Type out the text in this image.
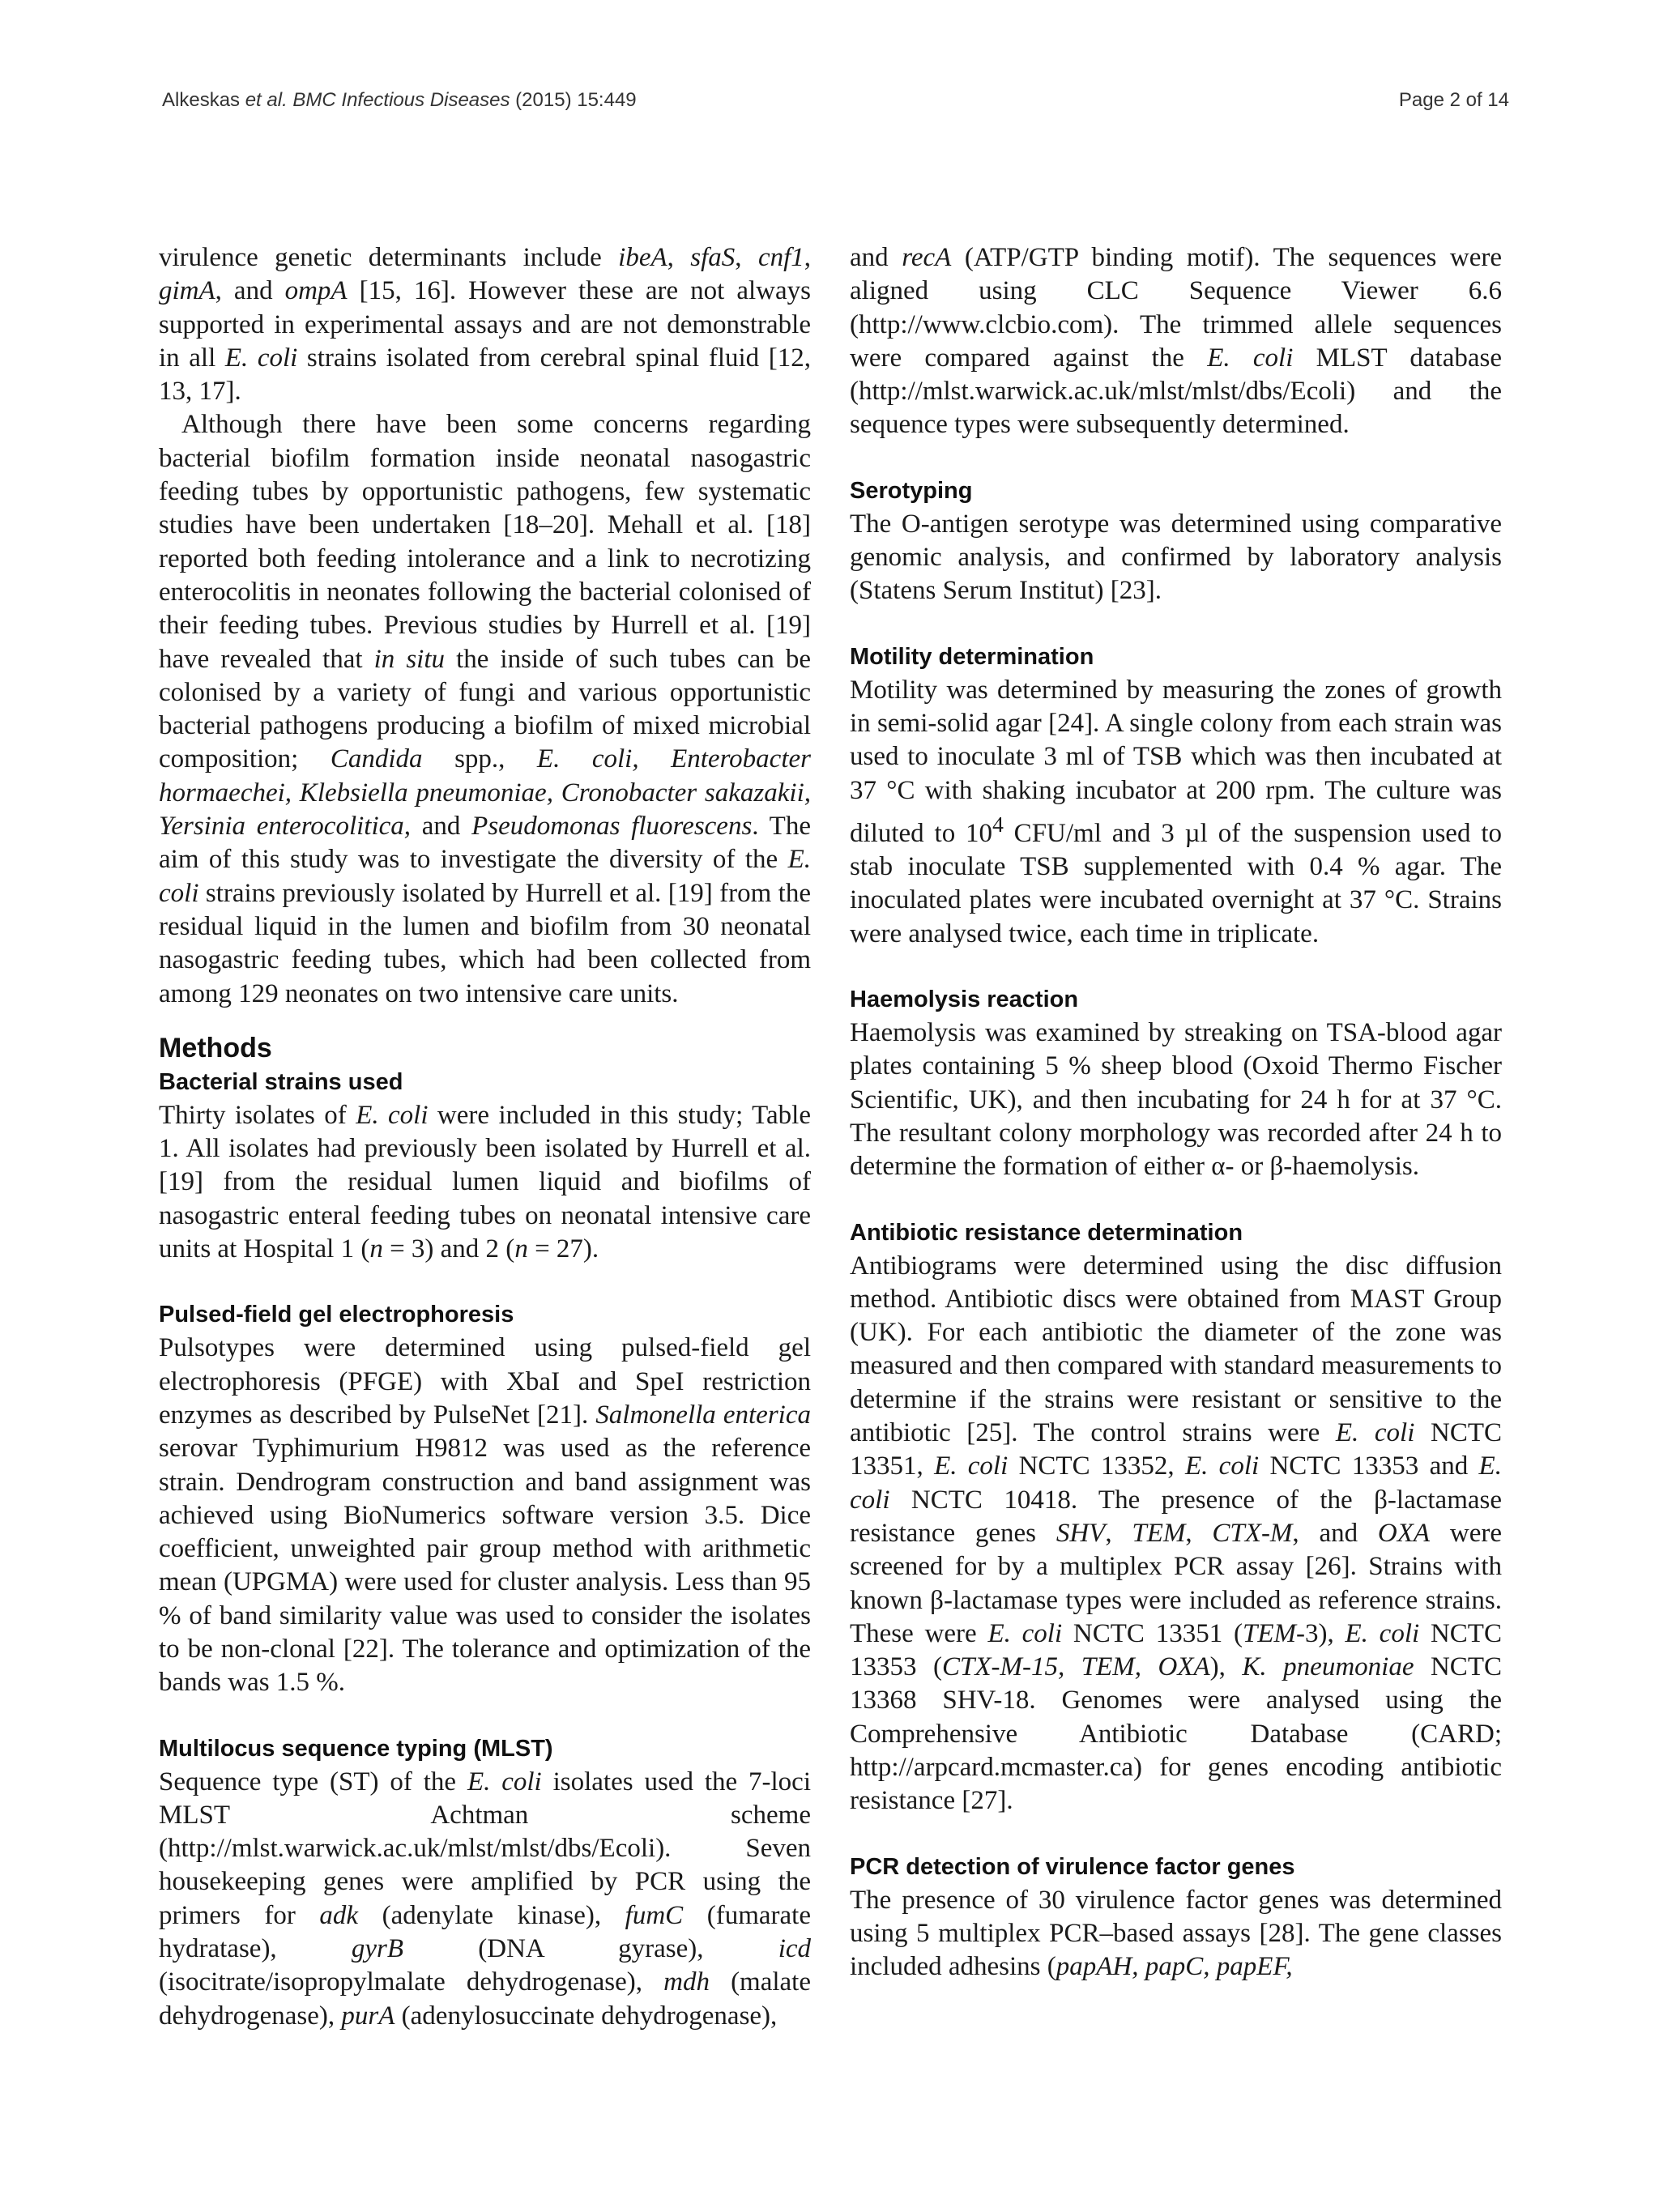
Alkeskas et al. BMC Infectious Diseases (2015) 15:449	Page 2 of 14

virulence genetic determinants include ibeA, sfaS, cnf1, gimA, and ompA [15, 16]. However these are not always supported in experimental assays and are not demonstrable in all E. coli strains isolated from cerebral spinal fluid [12, 13, 17].

Although there have been some concerns regarding bacterial biofilm formation inside neonatal nasogastric feeding tubes by opportunistic pathogens, few systematic studies have been undertaken [18–20]. Mehall et al. [18] reported both feeding intolerance and a link to necrotizing enterocolitis in neonates following the bacterial colonised of their feeding tubes. Previous studies by Hurrell et al. [19] have revealed that in situ the inside of such tubes can be colonised by a variety of fungi and various opportunistic bacterial pathogens producing a biofilm of mixed microbial composition; Candida spp., E. coli, Enterobacter hormaechei, Klebsiella pneumoniae, Cronobacter sakazakii, Yersinia enterocolitica, and Pseudomonas fluorescens. The aim of this study was to investigate the diversity of the E. coli strains previously isolated by Hurrell et al. [19] from the residual liquid in the lumen and biofilm from 30 neonatal nasogastric feeding tubes, which had been collected from among 129 neonates on two intensive care units.

Methods
Bacterial strains used

Thirty isolates of E. coli were included in this study; Table 1. All isolates had previously been isolated by Hurrell et al. [19] from the residual lumen liquid and biofilms of nasogastric enteral feeding tubes on neonatal intensive care units at Hospital 1 (n = 3) and 2 (n = 27).

Pulsed-field gel electrophoresis

Pulsotypes were determined using pulsed-field gel electrophoresis (PFGE) with XbaI and SpeI restriction enzymes as described by PulseNet [21]. Salmonella enterica serovar Typhimurium H9812 was used as the reference strain. Dendrogram construction and band assignment was achieved using BioNumerics software version 3.5. Dice coefficient, unweighted pair group method with arithmetic mean (UPGMA) were used for cluster analysis. Less than 95 % of band similarity value was used to consider the isolates to be non-clonal [22]. The tolerance and optimization of the bands was 1.5 %.

Multilocus sequence typing (MLST)

Sequence type (ST) of the E. coli isolates used the 7-loci MLST Achtman scheme (http://mlst.warwick.ac.uk/mlst/mlst/dbs/Ecoli). Seven housekeeping genes were amplified by PCR using the primers for adk (adenylate kinase), fumC (fumarate hydratase), gyrB (DNA gyrase), icd (isocitrate/isopropylmalate dehydrogenase), mdh (malate dehydrogenase), purA (adenylosuccinate dehydrogenase),

and recA (ATP/GTP binding motif). The sequences were aligned using CLC Sequence Viewer 6.6 (http://www.clcbio.com). The trimmed allele sequences were compared against the E. coli MLST database (http://mlst.warwick.ac.uk/mlst/mlst/dbs/Ecoli) and the sequence types were subsequently determined.

Serotyping

The O-antigen serotype was determined using comparative genomic analysis, and confirmed by laboratory analysis (Statens Serum Institut) [23].

Motility determination

Motility was determined by measuring the zones of growth in semi-solid agar [24]. A single colony from each strain was used to inoculate 3 ml of TSB which was then incubated at 37 °C with shaking incubator at 200 rpm. The culture was diluted to $10^4$ CFU/ml and 3 µl of the suspension used to stab inoculate TSB supplemented with 0.4 % agar. The inoculated plates were incubated overnight at 37 °C. Strains were analysed twice, each time in triplicate.

Haemolysis reaction

Haemolysis was examined by streaking on TSA-blood agar plates containing 5 % sheep blood (Oxoid Thermo Fischer Scientific, UK), and then incubating for 24 h for at 37 °C. The resultant colony morphology was recorded after 24 h to determine the formation of either α- or β-haemolysis.

Antibiotic resistance determination

Antibiograms were determined using the disc diffusion method. Antibiotic discs were obtained from MAST Group (UK). For each antibiotic the diameter of the zone was measured and then compared with standard measurements to determine if the strains were resistant or sensitive to the antibiotic [25]. The control strains were E. coli NCTC 13351, E. coli NCTC 13352, E. coli NCTC 13353 and E. coli NCTC 10418. The presence of the β-lactamase resistance genes SHV, TEM, CTX-M, and OXA were screened for by a multiplex PCR assay [26]. Strains with known β-lactamase types were included as reference strains. These were E. coli NCTC 13351 (TEM-3), E. coli NCTC 13353 (CTX-M-15, TEM, OXA), K. pneumoniae NCTC 13368 SHV-18. Genomes were analysed using the Comprehensive Antibiotic Database (CARD; http://arpcard.mcmaster.ca) for genes encoding antibiotic resistance [27].

PCR detection of virulence factor genes

The presence of 30 virulence factor genes was determined using 5 multiplex PCR–based assays [28]. The gene classes included adhesins (papAH, papC, papEF,
